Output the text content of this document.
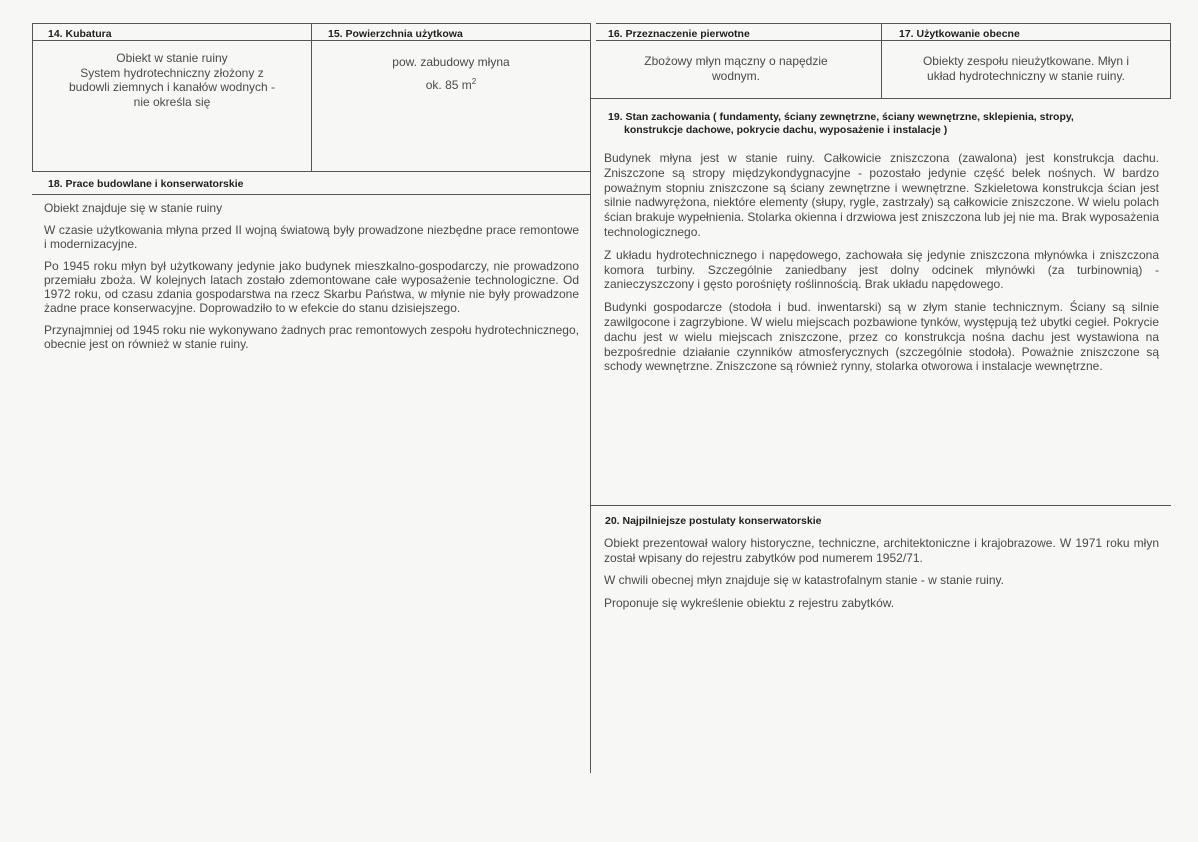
14. Kubatura
Obiekt w stanie ruiny
System hydrotechniczny złożony z
budowli ziemnych i kanałów wodnych -
nie określa się
15. Powierzchnia użytkowa
pow. zabudowy młyna
ok. 85 $m^2$
16. Przeznaczenie pierwotne
Zbożowy młyn mączny o napędzie
wodnym.
17. Użytkowanie obecne
Obiekty zespołu nieużytkowane. Młyn i
układ hydrotechniczny w stanie ruiny.
18. Prace budowlane i konserwatorskie

Obiekt znajduje się w stanie ruiny

W czasie użytkowania młyna przed II wojną światową były prowadzone niezbędne prace remontowe i modernizacyjne.

Po 1945 roku młyn był użytkowany jedynie jako budynek mieszkalno-gospodarczy, nie prowadzono przemiału zboża. W kolejnych latach zostało zdemontowane całe wyposażenie technologiczne. Od 1972 roku, od czasu zdania gospodarstwa na rzecz Skarbu Państwa, w młynie nie były prowadzone żadne prace konserwacyjne. Doprowadziło to w efekcie do stanu dzisiejszego.

Przynajmniej od 1945 roku nie wykonywano żadnych prac remontowych zespołu hydrotechnicznego, obecnie jest on również w stanie ruiny.

19. Stan zachowania ( fundamenty, ściany zewnętrzne, ściany wewnętrzne, sklepienia, stropy,
konstrukcje dachowe, pokrycie dachu, wyposażenie i instalacje )

Budynek młyna jest w stanie ruiny. Całkowicie zniszczona (zawalona) jest konstrukcja dachu. Zniszczone są stropy międzykondygnacyjne - pozostało jedynie część belek nośnych. W bardzo poważnym stopniu zniszczone są ściany zewnętrzne i wewnętrzne. Szkieletowa konstrukcja ścian jest silnie nadwyrężona, niektóre elementy (słupy, rygle, zastrzały) są całkowicie zniszczone. W wielu polach ścian brakuje wypełnienia. Stolarka okienna i drzwiowa jest zniszczona lub jej nie ma. Brak wyposażenia technologicznego.

Z układu hydrotechnicznego i napędowego, zachowała się jedynie zniszczona młynówka i zniszczona komora turbiny. Szczególnie zaniedbany jest dolny odcinek młynówki (za turbinownią) - zanieczyszczony i gęsto porośnięty roślinnością. Brak układu napędowego.

Budynki gospodarcze (stodoła i bud. inwentarski) są w złym stanie technicznym. Ściany są silnie zawilgocone i zagrzybione. W wielu miejscach pozbawione tynków, występują też ubytki cegieł. Pokrycie dachu jest w wielu miejscach zniszczone, przez co konstrukcja nośna dachu jest wystawiona na bezpośrednie działanie czynników atmosferycznych (szczególnie stodoła). Poważnie zniszczone są schody wewnętrzne. Zniszczone są również rynny, stolarka otworowa i instalacje wewnętrzne.

20. Najpilniejsze postulaty konserwatorskie

Obiekt prezentował walory historyczne, techniczne, architektoniczne i krajobrazowe. W 1971 roku młyn został wpisany do rejestru zabytków pod numerem 1952/71.

W chwili obecnej młyn znajduje się w katastrofalnym stanie - w stanie ruiny.

Proponuje się wykreślenie obiektu z rejestru zabytków.
